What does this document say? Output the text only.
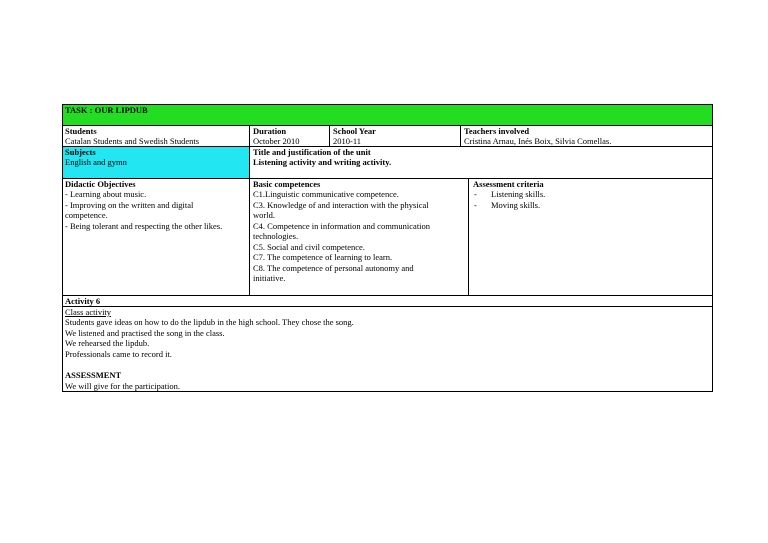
TASK : OUR LIPDUB
Students
Catalan Students and Swedish Students
Duration
October 2010
School Year
2010-11
Teachers involved
Cristina Arnau, Inés Boix, Silvia Comellas.
Subjects
English and gymn
Title and justification of the unit
Listening activity and writing activity.
Didactic Objectives
- Learning about music.
- Improving on the written and digital
competence.
- Being tolerant and respecting the other likes.
Basic competences
C1.Linguistic communicative competence.
C3. Knowledge of and interaction with the physical
world.
C4. Competence in information and communication
technologies.
C5. Social and civil competence.
C7. The competence of learning to learn.
C8. The competence of personal autonomy and
initiative.
Assessment criteria
- Listening skills.
- Moving skills.
Activity 6
Class activity
Students gave ideas on how to do the lipdub in the high school. They chose the song.
We listened and practised the song in the class.
We rehearsed the lipdub.
Professionals came to record it.
ASSESSMENT
We will give for the participation.
